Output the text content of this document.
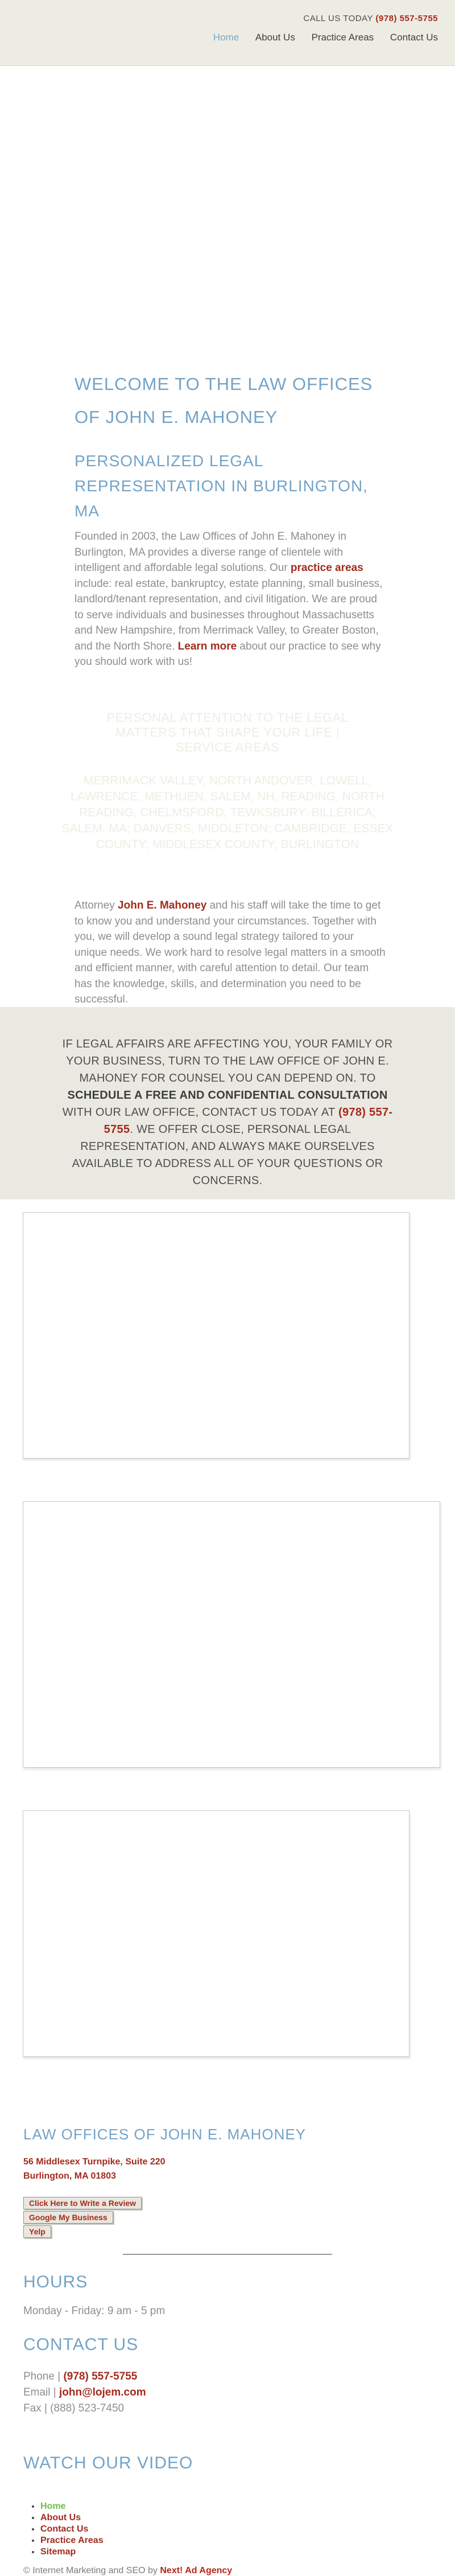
CALL US TODAY (978) 557-5755
Home About Us Practice Areas Contact Us
WELCOME TO THE LAW OFFICES OF JOHN E. MAHONEY
PERSONALIZED LEGAL REPRESENTATION IN BURLINGTON, MA

Founded in 2003, the Law Offices of John E. Mahoney in Burlington, MA provides a diverse range of clientele with intelligent and affordable legal solutions. Our practice areas include: real estate, bankruptcy, estate planning, small business, landlord/tenant representation, and civil litigation. We are proud to serve individuals and businesses throughout Massachusetts and New Hampshire, from Merrimack Valley, to Greater Boston, and the North Shore. Learn more about our practice to see why you should work with us!

PERSONAL ATTENTION TO THE LEGAL MATTERS THAT SHAPE YOUR LIFE | SERVICE AREAS

MERRIMACK VALLEY, NORTH ANDOVER, LOWELL, LAWRENCE, METHUEN, SALEM, NH, READING, NORTH READING, CHELMSFORD, TEWKSBURY; BILLERICA; SALEM, MA; DANVERS, MIDDLETON; CAMBRIDGE, ESSEX COUNTY; MIDDLESEX COUNTY; BURLINGTON

Attorney John E. Mahoney and his staff will take the time to get to know you and understand your circumstances. Together with you, we will develop a sound legal strategy tailored to your unique needs. We work hard to resolve legal matters in a smooth and efficient manner, with careful attention to detail. Our team has the knowledge, skills, and determination you need to be successful.

IF LEGAL AFFAIRS ARE AFFECTING YOU, YOUR FAMILY OR YOUR BUSINESS, TURN TO THE LAW OFFICE OF JOHN E. MAHONEY FOR COUNSEL YOU CAN DEPEND ON. TO SCHEDULE A FREE AND CONFIDENTIAL CONSULTATION WITH OUR LAW OFFICE, CONTACT US TODAY AT (978) 557-5755. WE OFFER CLOSE, PERSONAL LEGAL REPRESENTATION, AND ALWAYS MAKE OURSELVES AVAILABLE TO ADDRESS ALL OF YOUR QUESTIONS OR CONCERNS.

LAW OFFICES OF JOHN E. MAHONEY
56 Middlesex Turnpike, Suite 220
Burlington, MA 01803
Click Here to Write a Review
Google My Business
Yelp
HOURS
Monday - Friday: 9 am - 5 pm
CONTACT US
Phone | (978) 557-5755
Email | john@lojem.com
Fax | (888) 523-7450
WATCH OUR VIDEO
• Home
• About Us
• Contact Us
• Practice Areas
• Sitemap
© Internet Marketing and SEO by Next! Ad Agency
